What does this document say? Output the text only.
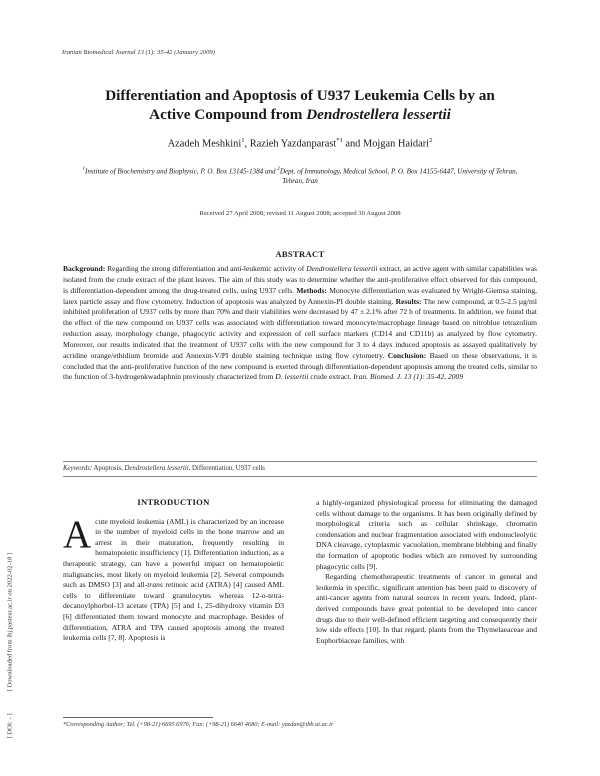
Iranian Biomedical Journal 13 (1): 35-42 (January 2009)
Differentiation and Apoptosis of U937 Leukemia Cells by an
Active Compound from Dendrostellera lessertii
Azadeh Meshkini$^1$, Razieh Yazdanparast$^{*1}$ and Mojgan Haidari$^2$
$^1$Institute of Biochemistry and Biophysic, P. O. Box 13145-1384 and $^2$Dept. of Immunology, Medical School, P. O. Box 14155-6447, University of Tehran, Tehran, Iran
Received 27 April 2008; revised 11 August 2008; accepted 30 August 2008
ABSTRACT
Background: Regarding the strong differentiation and anti-leukemic activity of Dendrostellera lessertii extract, an active agent with similar capabilities was isolated from the crude extract of the plant leaves. The aim of this study was to determine whether the anti-proliferative effect observed for this compound, is differentiation-dependent among the drug-treated cells, using U937 cells. Methods: Monocyte differentiation was evaluated by Wright-Giemsa staining, latex particle assay and flow cytometry. Induction of apoptosis was analyzed by Annexin-PI double staining. Results: The new compound, at 0.5-2.5 µg/ml inhibited proliferation of U937 cells by more than 70% and their viabilities were decreased by 47 ± 2.1% after 72 h of treatments. In addition, we found that the effect of the new compound on U937 cells was associated with differentiation toward monocyte/macrophage lineage based on nitroblue tetrazolium reduction assay, morphology change, phagocytic activity and expression of cell surface markers (CD14 and CD11b) as analyzed by flow cytometry. Moreover, our results indicated that the treatment of U937 cells with the new compound for 3 to 4 days induced apoptosis as assayed qualitatively by acridine orange/ethidium bromide and Annexin-V/PI double staining technique using flow cytometry. Conclusion: Based on these observations, it is concluded that the anti-proliferative function of the new compound is exerted through differentiation-dependent apoptosis among the treated cells, similar to the function of 3-hydrogenkwadaphnin previously characterized from D. lessertii crude extract. Iran. Biomed. J. 13 (1): 35-42, 2009
Keywords: Apoptosis, Dendrostellera lessertii, Differentiation, U937 cells
INTRODUCTION

Acute myeloid leukemia (AML) is characterized by an increase in the number of myeloid cells in the bone marrow and an arrest in their maturation, frequently resulting in hematopoietic insufficiency [1]. Differentiation induction, as a therapeutic strategy, can have a powerful impact on hematopoietic malignancies, most likely on myeloid leukemia [2]. Several compounds such as DMSO [3] and all-trans retinoic acid (ATRA) [4] caused AML cells to differentiate toward granulocytes whereas 12-o-tetra-decanoylphorbol-13 acetate (TPA) [5] and 1, 25-dihydroxy vitamin D3 [6] differentiated them toward monocyte and macrophage. Besides of differentiation, ATRA and TPA caused apoptosis among the treated leukemia cells [7, 8]. Apoptosis is

a highly-organized physiological process for eliminating the damaged cells without damage to the organisms. It has been originally defined by morphological criteria such as cellular shrinkage, chromatin condensation and nuclear fragmentation associated with endonucleolytic DNA cleavage, cytoplasmic vacuolation, membrane blebbing and finally the formation of apoptotic bodies which are removed by surrounding phagocytic cells [9].

Regarding chemotherapeutic treatments of cancer in general and leukemia in specific, significant attention has been paid to discovery of anti-cancer agents from natural sources in recent years. Indeed, plant-derived compounds have great potential to be developed into cancer drugs due to their well-defined efficient targeting and consequently their low side effects [10]. In that regard, plants from the Thymelaeaceae and Euphorbiaceae families, with

*Corresponding Author; Tel. (+98-21) 6695 6976; Fax: (+98-21) 6640 4680; E-mail: yazdan@ibb.ut.ac.ir
[ DOI: - ][ Downloaded from ibj.pasteur.ac.ir on 2022-02-18 ]
